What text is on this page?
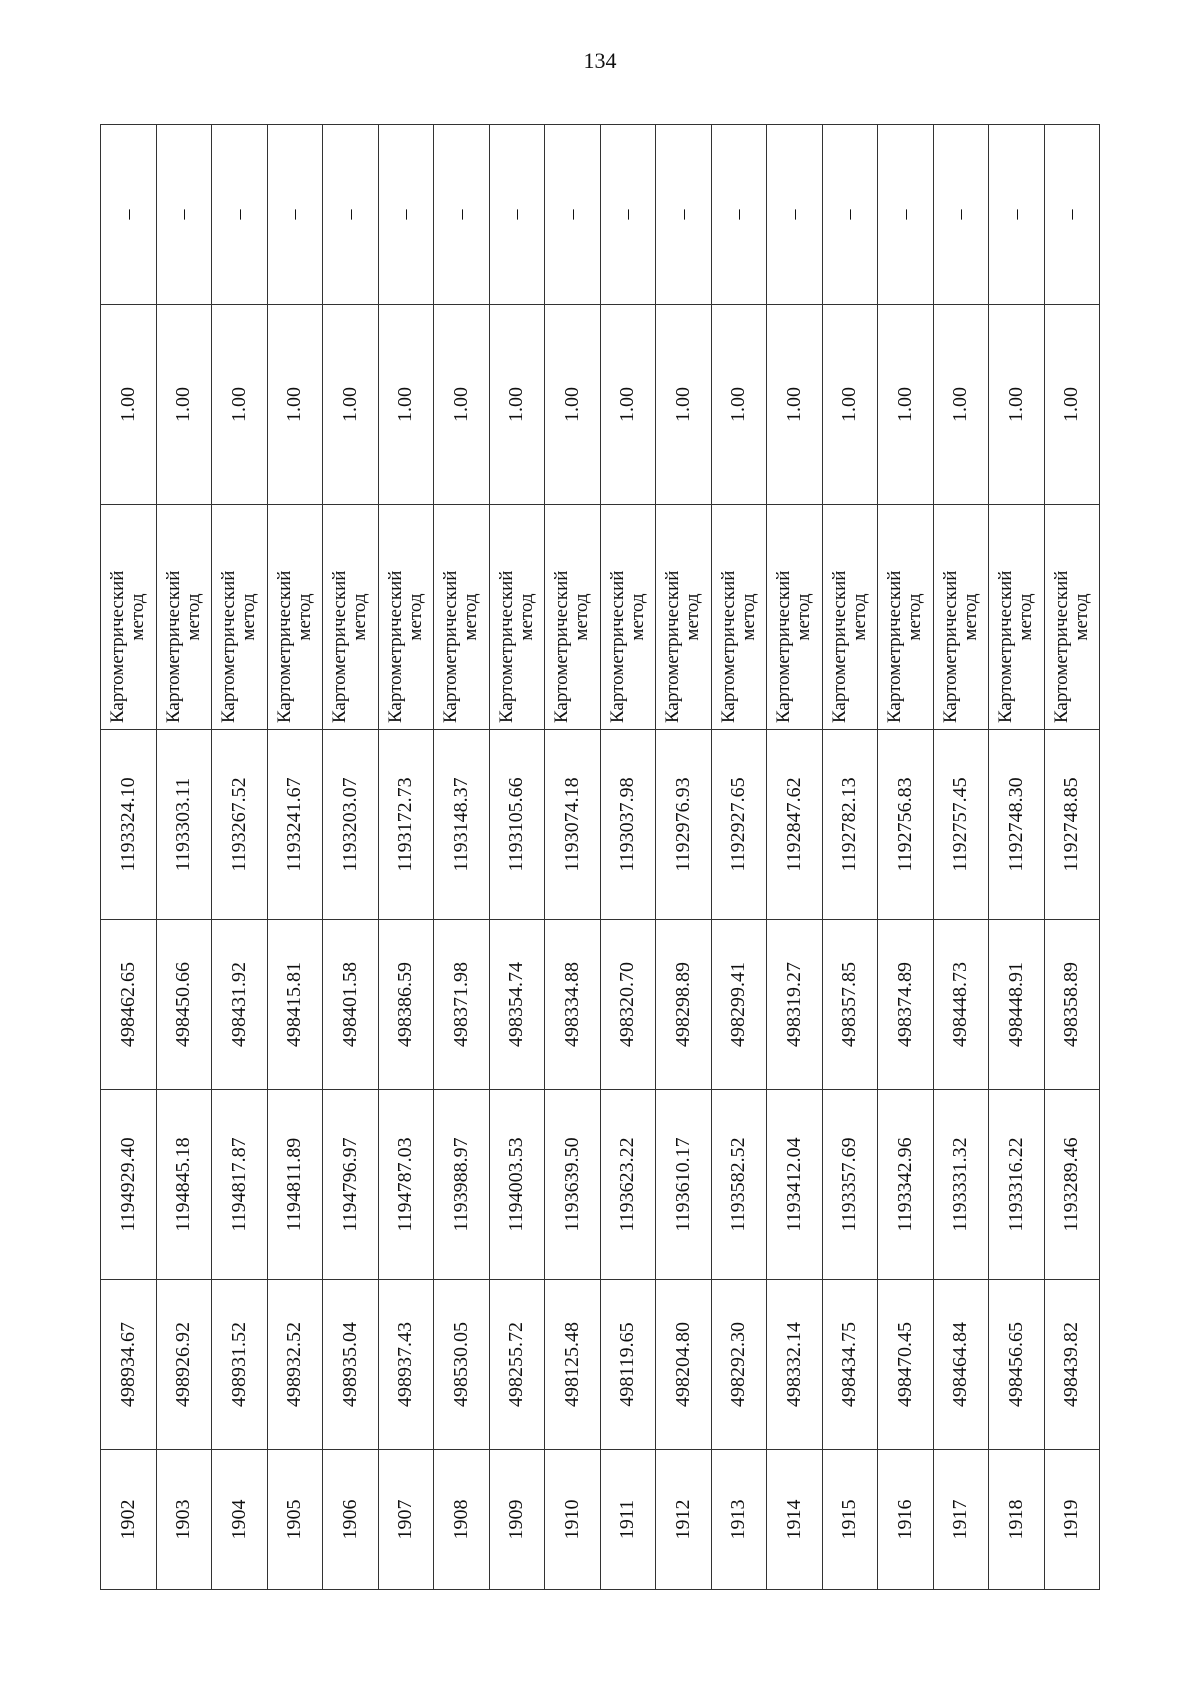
134
1902	498934.67	1194929.40	498462.65	1193324.10	Картометрический
метод	1.00	–
1903	498926.92	1194845.18	498450.66	1193303.11	Картометрический
метод	1.00	–
1904	498931.52	1194817.87	498431.92	1193267.52	Картометрический
метод	1.00	–
1905	498932.52	1194811.89	498415.81	1193241.67	Картометрический
метод	1.00	–
1906	498935.04	1194796.97	498401.58	1193203.07	Картометрический
метод	1.00	–
1907	498937.43	1194787.03	498386.59	1193172.73	Картометрический
метод	1.00	–
1908	498530.05	1193988.97	498371.98	1193148.37	Картометрический
метод	1.00	–
1909	498255.72	1194003.53	498354.74	1193105.66	Картометрический
метод	1.00	–
1910	498125.48	1193639.50	498334.88	1193074.18	Картометрический
метод	1.00	–
1911	498119.65	1193623.22	498320.70	1193037.98	Картометрический
метод	1.00	–
1912	498204.80	1193610.17	498298.89	1192976.93	Картометрический
метод	1.00	–
1913	498292.30	1193582.52	498299.41	1192927.65	Картометрический
метод	1.00	–
1914	498332.14	1193412.04	498319.27	1192847.62	Картометрический
метод	1.00	–
1915	498434.75	1193357.69	498357.85	1192782.13	Картометрический
метод	1.00	–
1916	498470.45	1193342.96	498374.89	1192756.83	Картометрический
метод	1.00	–
1917	498464.84	1193331.32	498448.73	1192757.45	Картометрический
метод	1.00	–
1918	498456.65	1193316.22	498448.91	1192748.30	Картометрический
метод	1.00	–
1919	498439.82	1193289.46	498358.89	1192748.85	Картометрический
метод	1.00	–
